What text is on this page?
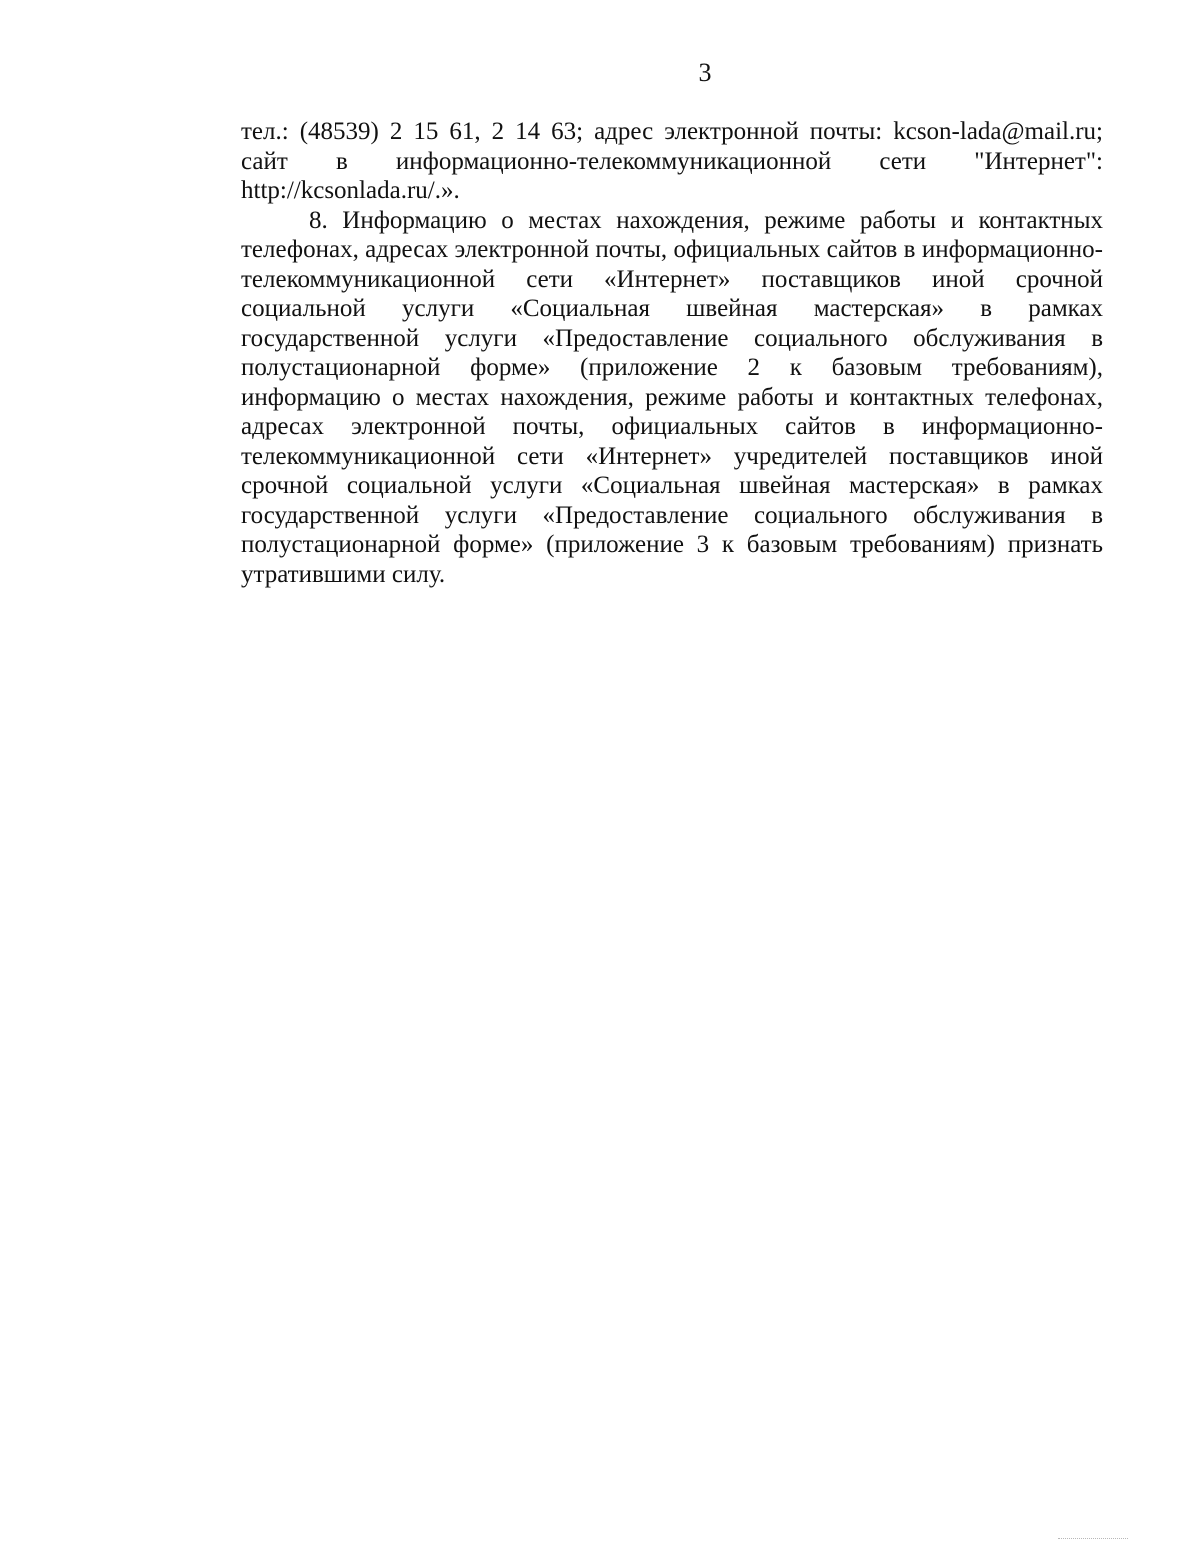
3

тел.: (48539) 2 15 61, 2 14 63; адрес электронной почты: kcson-lada@mail.ru; сайт в информационно-телекоммуникационной сети "Интернет": http://kcsonlada.ru/.».

8. Информацию о местах нахождения, режиме работы и контактных телефонах, адресах электронной почты, официальных сайтов в информационно-телекоммуникационной сети «Интернет» поставщиков иной срочной социальной услуги «Социальная швейная мастерская» в рамках государственной услуги «Предоставление социального обслуживания в полустационарной форме» (приложение 2 к базовым требованиям), информацию о местах нахождения, режиме работы и контактных телефонах, адресах электронной почты, официальных сайтов в информационно-телекоммуникационной сети «Интернет» учредителей поставщиков иной срочной социальной услуги «Социальная швейная мастерская» в рамках государственной услуги «Предоставление социального обслуживания в полустационарной форме» (приложение 3 к базовым требованиям) признать утратившими силу.
